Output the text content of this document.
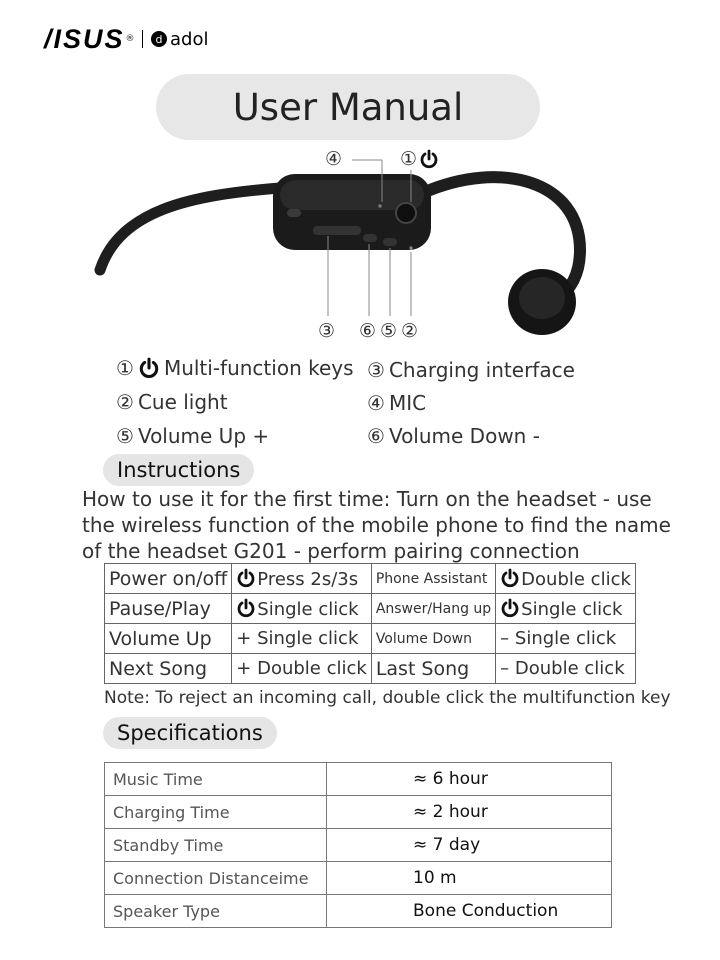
/ISUS ®	d adol
User Manual
④	①
③ ⑥ ⑤ ②
① Multi-function keys ③ Charging interface
② Cue light	④ MIC
⑤ Volume Up +	⑥ Volume Down -
Instructions
How to use it for the first time: Turn on the headset - use
the wireless function of the mobile phone to find the name
of the headset G201 - perform pairing connection
Power on/off	Press 2s/3s	Phone Assistant	Double click
Pause/Play	Single click	Answer/Hang up	Single click
Volume Up	+ Single click	Volume Down	– Single click
Next Song	+ Double click	Last Song	– Double click
Note: To reject an incoming call, double click the multifunction key
Specifications
Music Time	≈ 6 hour
Charging Time	≈ 2 hour
Standby Time	≈ 7 day
Connection Distanceime	10 m
Speaker Type	Bone Conduction
